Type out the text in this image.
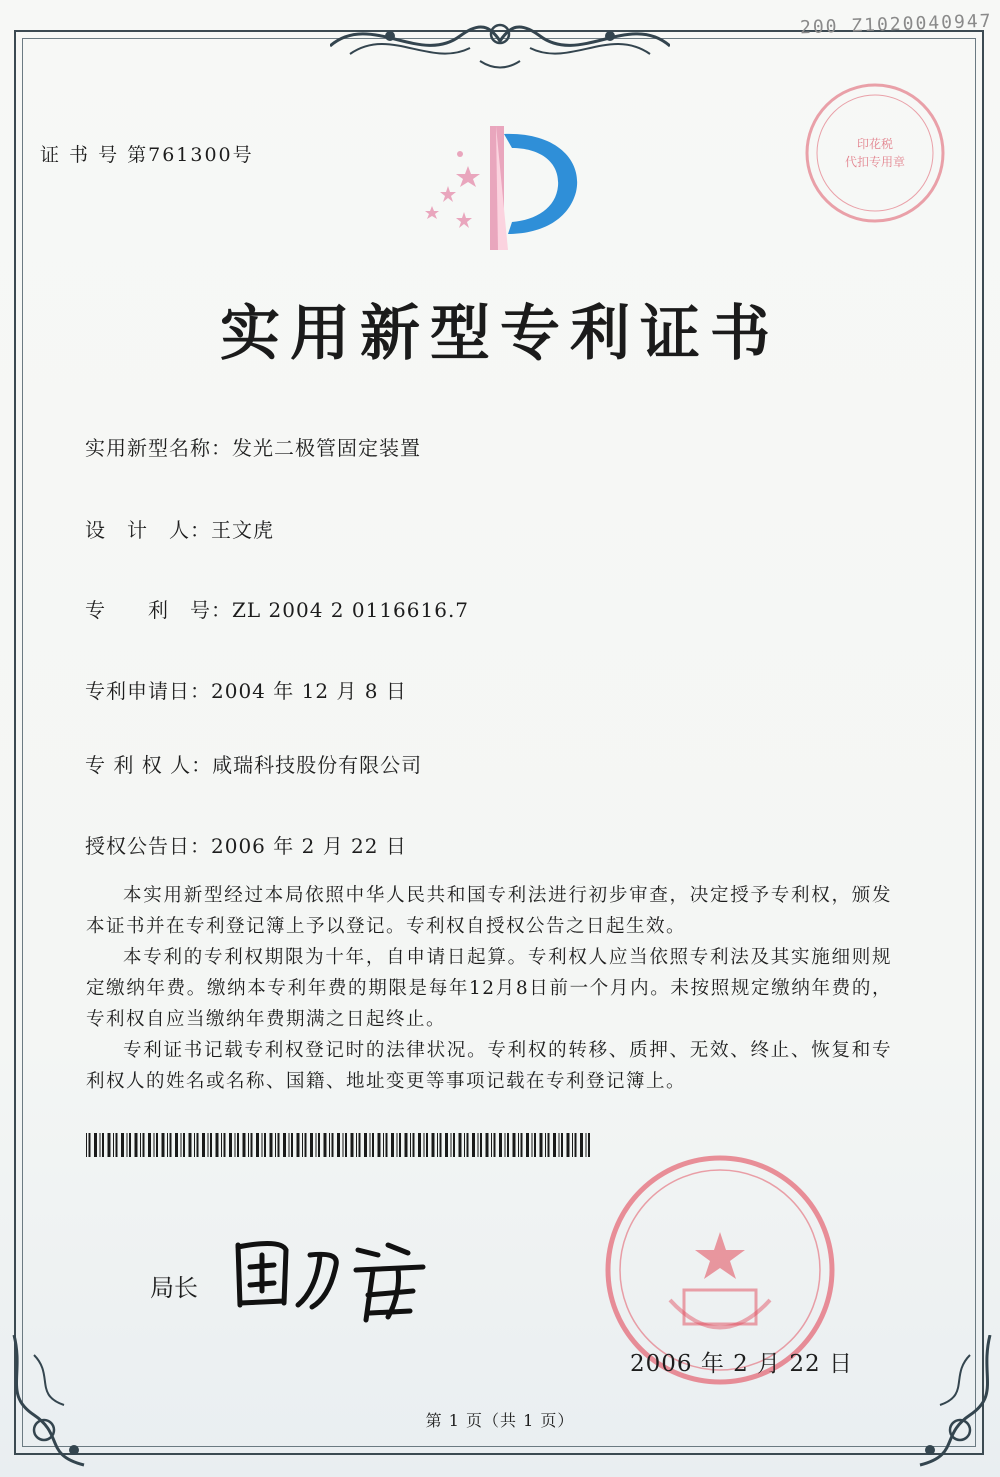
200 Z1020040947
印花税
代扣专用章
证 书 号 第761300号
实用新型专利证书
实用新型名称：发光二极管固定装置
设　计　人：王文虎
专　　利　号：ZL 2004 2 0116616.7
专利申请日：2004 年 12 月 8 日
专 利 权 人：咸瑞科技股份有限公司
授权公告日：2006 年 2 月 22 日

本实用新型经过本局依照中华人民共和国专利法进行初步审查，决定授予专利权，颁发本证书并在专利登记簿上予以登记。专利权自授权公告之日起生效。

本专利的专利权期限为十年，自申请日起算。专利权人应当依照专利法及其实施细则规定缴纳年费。缴纳本专利年费的期限是每年12月8日前一个月内。未按照规定缴纳年费的，专利权自应当缴纳年费期满之日起终止。

专利证书记载专利权登记时的法律状况。专利权的转移、质押、无效、终止、恢复和专利权人的姓名或名称、国籍、地址变更等事项记载在专利登记簿上。

局长
2006 年 2 月 22 日
第 1 页（共 1 页）
